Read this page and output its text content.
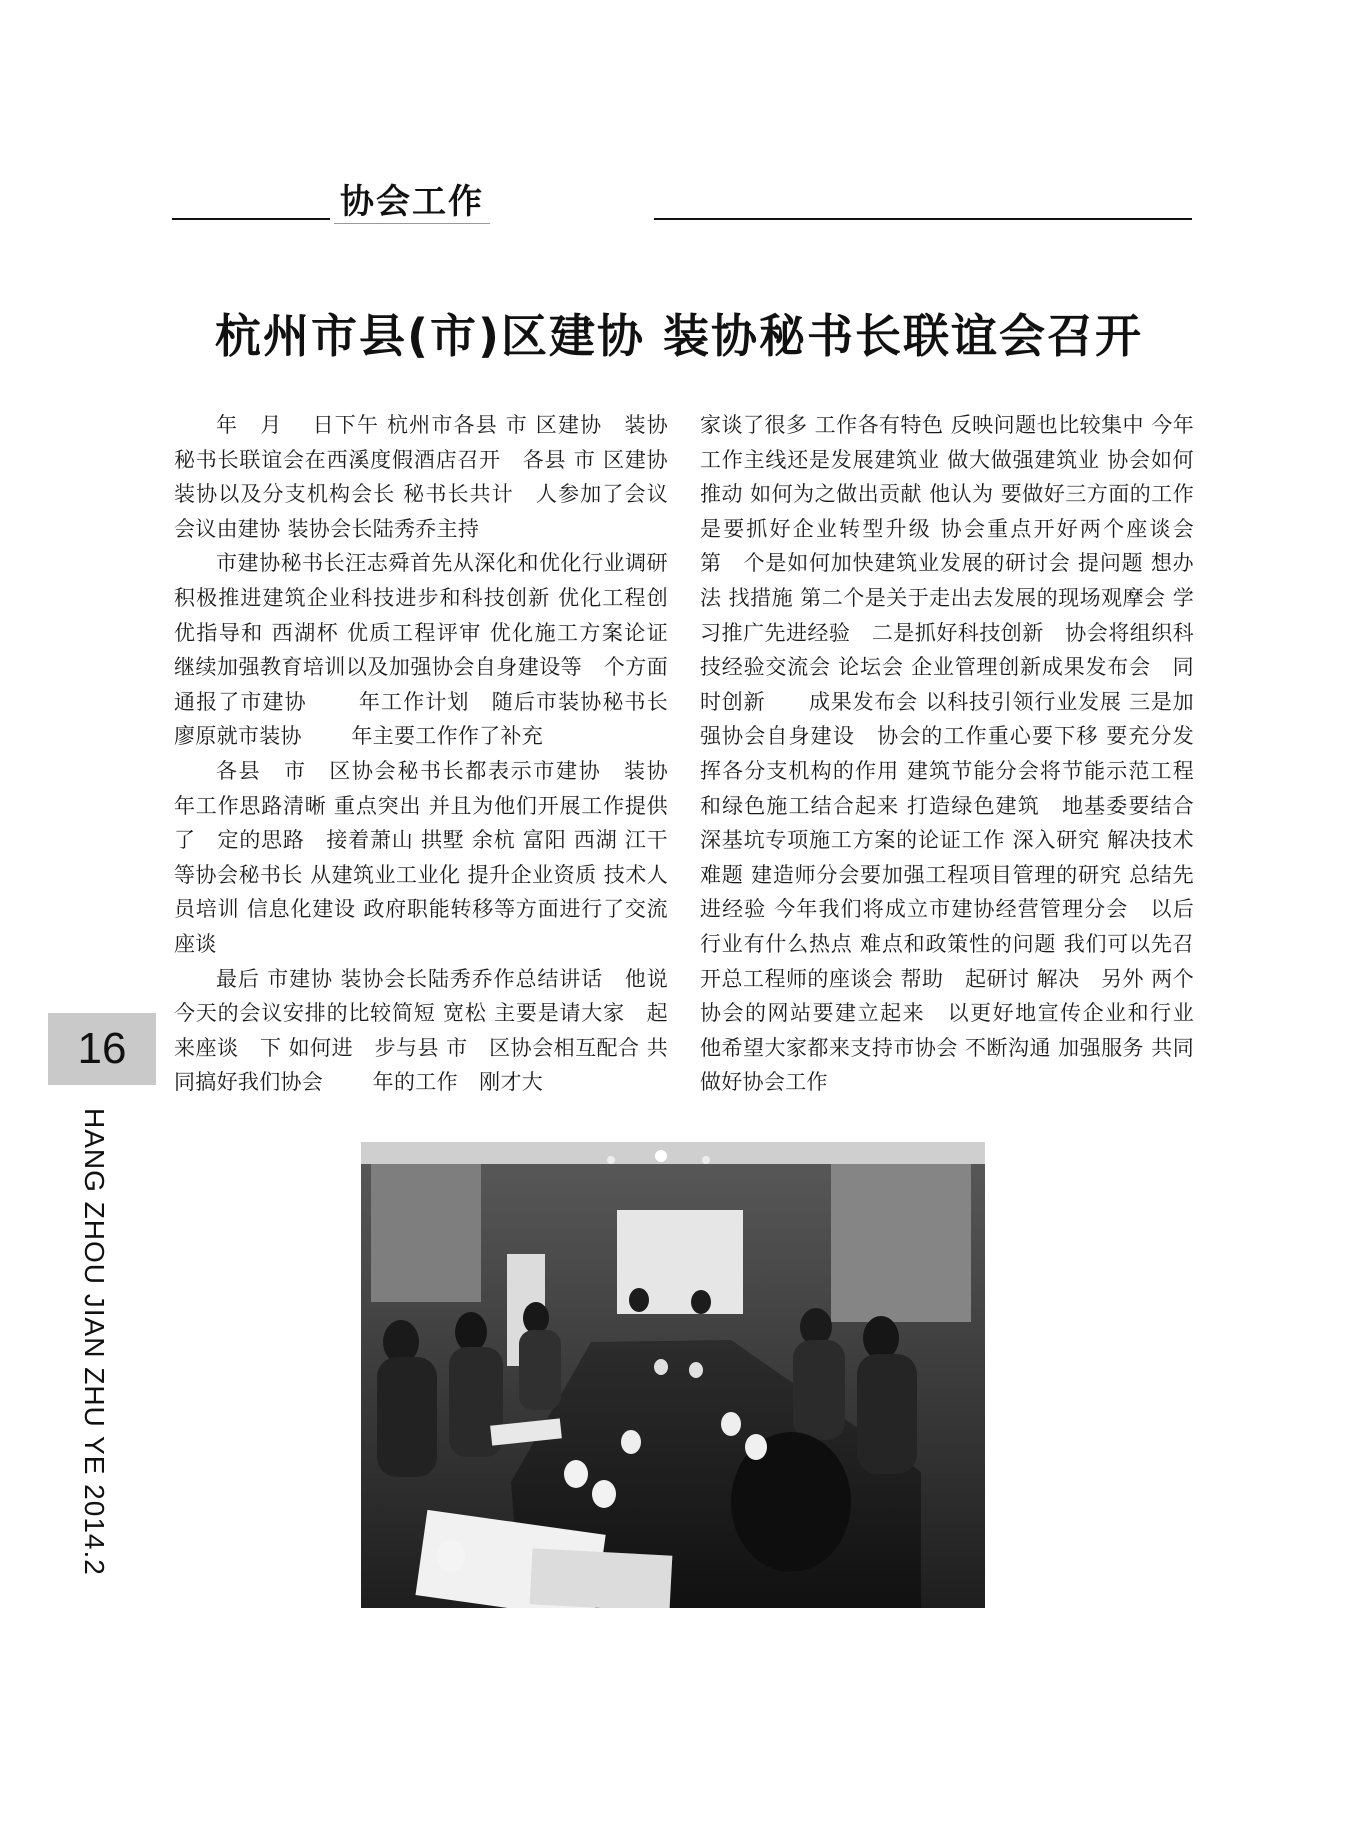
协会工作
杭州市县(市)区建协 装协秘书长联谊会召开

年　月　 日下午 杭州市各县 市 区建协　装协秘书长联谊会在西溪度假酒店召开　各县 市 区建协 装协以及分支机构会长 秘书长共计　人参加了会议　会议由建协 装协会长陆秀乔主持

市建协秘书长汪志舜首先从深化和优化行业调研 积极推进建筑企业科技进步和科技创新 优化工程创优指导和 西湖杯 优质工程评审 优化施工方案论证　继续加强教育培训以及加强协会自身建设等　个方面通报了市建协　　 年工作计划　随后市装协秘书长廖原就市装协　　 年主要工作作了补充

各县　市　区协会秘书长都表示市建协　装协　 年工作思路清晰 重点突出 并且为他们开展工作提供了　定的思路　接着萧山 拱墅 余杭 富阳 西湖 江干等协会秘书长 从建筑业工业化 提升企业资质 技术人员培训 信息化建设 政府职能转移等方面进行了交流座谈

最后 市建协 装协会长陆秀乔作总结讲话　他说 今天的会议安排的比较简短 宽松 主要是请大家　起来座谈　下 如何进　步与县 市　区协会相互配合 共同搞好我们协会　　 年的工作　刚才大

家谈了很多 工作各有特色 反映问题也比较集中 今年工作主线还是发展建筑业 做大做强建筑业 协会如何推动 如何为之做出贡献 他认为 要做好三方面的工作　 是要抓好企业转型升级 协会重点开好两个座谈会　第　个是如何加快建筑业发展的研讨会 提问题 想办法 找措施 第二个是关于走出去发展的现场观摩会 学习推广先进经验　二是抓好科技创新　协会将组织科技经验交流会 论坛会 企业管理创新成果发布会　同时创新　　成果发布会 以科技引领行业发展 三是加强协会自身建设　协会的工作重心要下移 要充分发挥各分支机构的作用 建筑节能分会将节能示范工程和绿色施工结合起来 打造绿色建筑　地基委要结合深基坑专项施工方案的论证工作 深入研究 解决技术难题 建造师分会要加强工程项目管理的研究 总结先进经验 今年我们将成立市建协经营管理分会　以后行业有什么热点 难点和政策性的问题 我们可以先召开总工程师的座谈会 帮助　起研讨 解决　另外 两个协会的网站要建立起来　以更好地宣传企业和行业　他希望大家都来支持市协会 不断沟通 加强服务 共同做好协会工作

16
HANG ZHOU JIAN ZHU YE 2014.2
